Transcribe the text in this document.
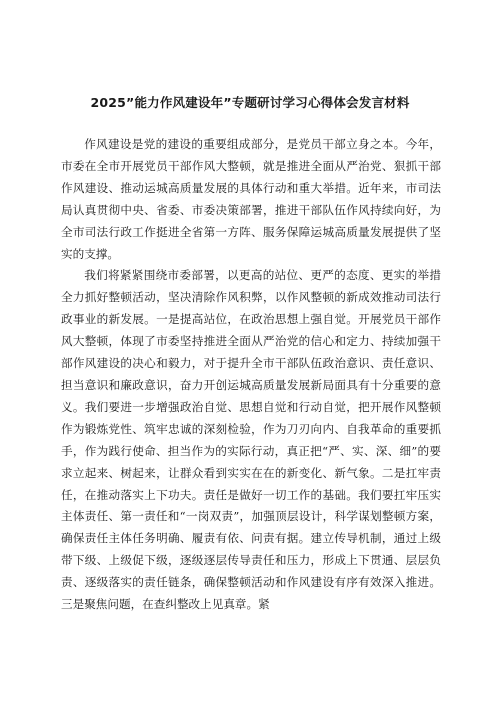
2025”能力作风建设年”专题研讨学习心得体会发言材料

作风建设是党的建设的重要组成部分，是党员干部立身之本。今年，市委在全市开展党员干部作风大整顿，就是推进全面从严治党、狠抓干部作风建设、推动运城高质量发展的具体行动和重大举措。近年来，市司法局认真贯彻中央、省委、市委决策部署，推进干部队伍作风持续向好，为全市司法行政工作挺进全省第一方阵、服务保障运城高质量发展提供了坚实的支撑。

我们将紧紧围绕市委部署，以更高的站位、更严的态度、更实的举措全力抓好整顿活动，坚决清除作风积弊，以作风整顿的新成效推动司法行政事业的新发展。一是提高站位，在政治思想上强自觉。开展党员干部作风大整顿，体现了市委坚持推进全面从严治党的信心和定力、持续加强干部作风建设的决心和毅力，对于提升全市干部队伍政治意识、责任意识、担当意识和廉政意识，奋力开创运城高质量发展新局面具有十分重要的意义。我们要进一步增强政治自觉、思想自觉和行动自觉，把开展作风整顿作为锻炼党性、筑牢忠诚的深刻检验，作为刀刃向内、自我革命的重要抓手，作为践行使命、担当作为的实际行动，真正把“严、实、深、细”的要求立起来、树起来，让群众看到实实在在的新变化、新气象。二是扛牢责任，在推动落实上下功夫。责任是做好一切工作的基础。我们要扛牢压实主体责任、第一责任和“一岗双责”，加强顶层设计，科学谋划整顿方案，确保责任主体任务明确、履责有依、问责有据。建立传导机制，通过上级带下级、上级促下级，逐级逐层传导责任和压力，形成上下贯通、层层负责、逐级落实的责任链条，确保整顿活动和作风建设有序有效深入推进。三是聚焦问题，在查纠整改上见真章。紧
